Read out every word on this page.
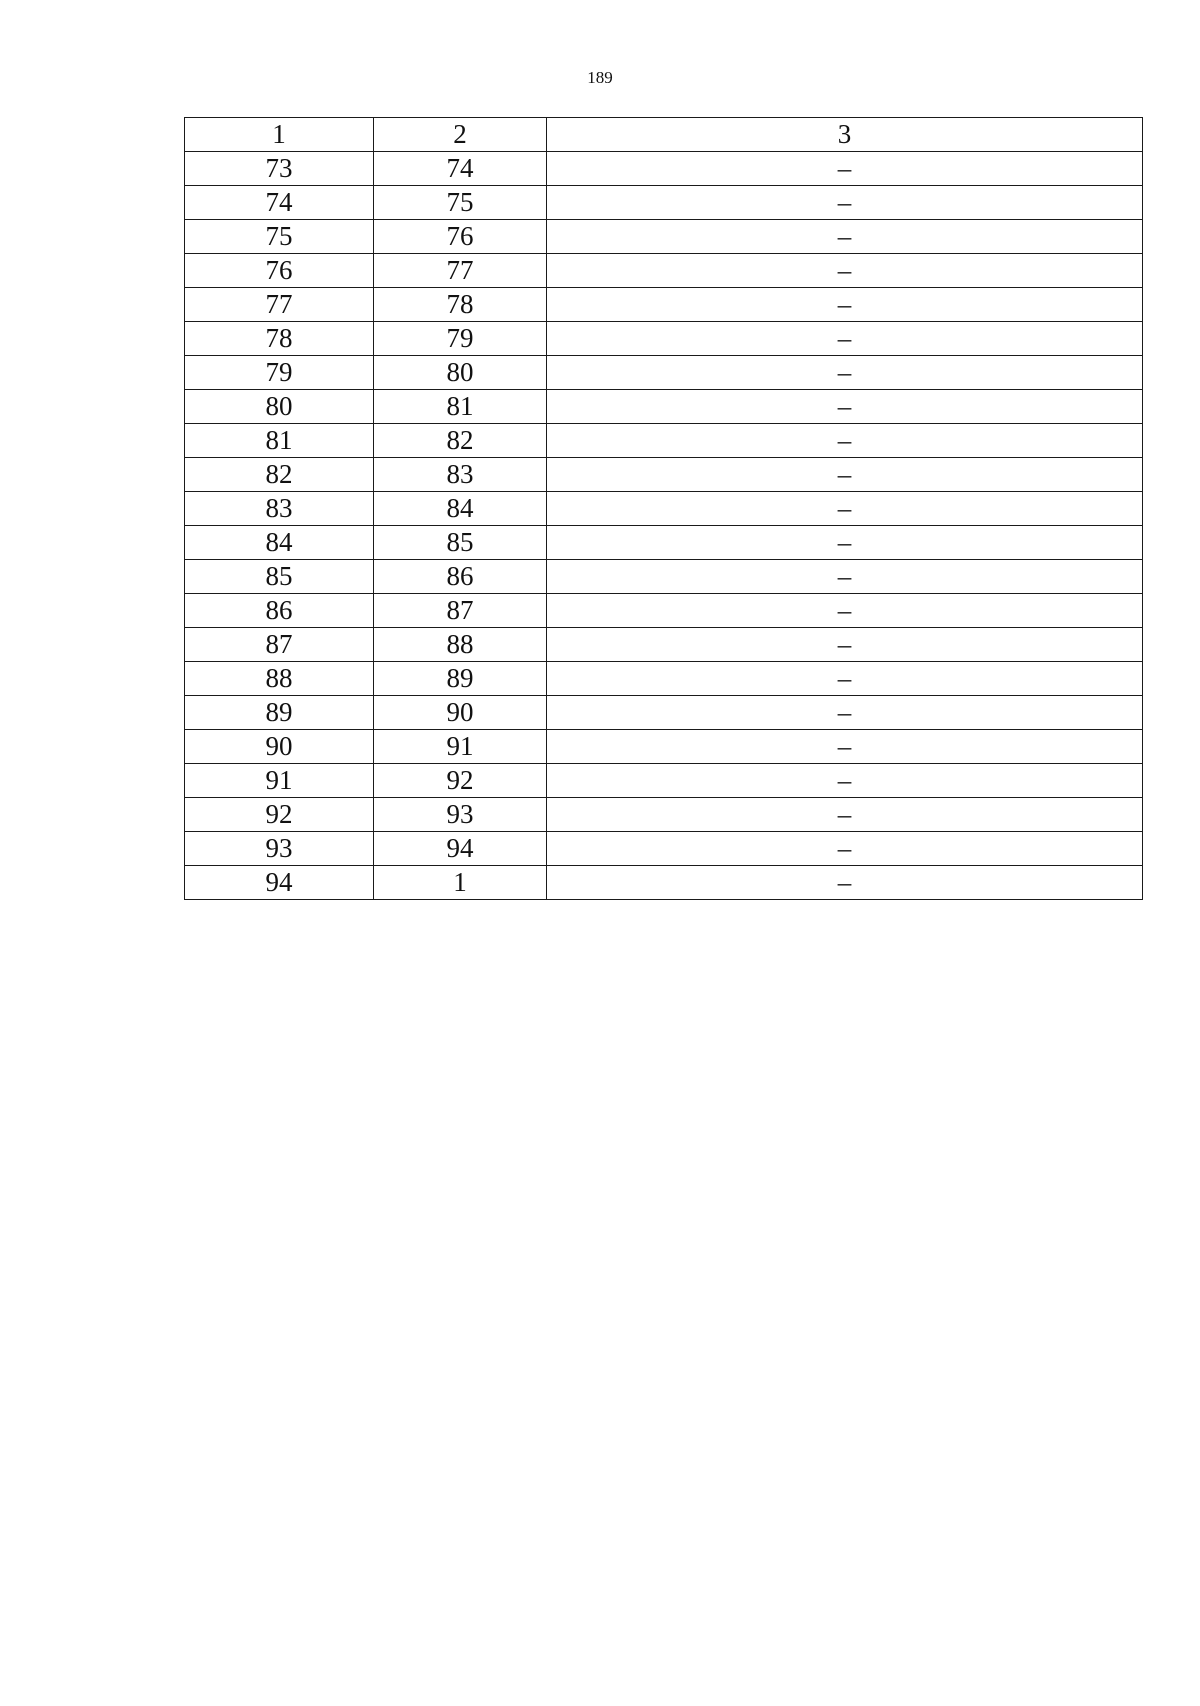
189
1	2	3
73	74	–
74	75	–
75	76	–
76	77	–
77	78	–
78	79	–
79	80	–
80	81	–
81	82	–
82	83	–
83	84	–
84	85	–
85	86	–
86	87	–
87	88	–
88	89	–
89	90	–
90	91	–
91	92	–
92	93	–
93	94	–
94	1	–
